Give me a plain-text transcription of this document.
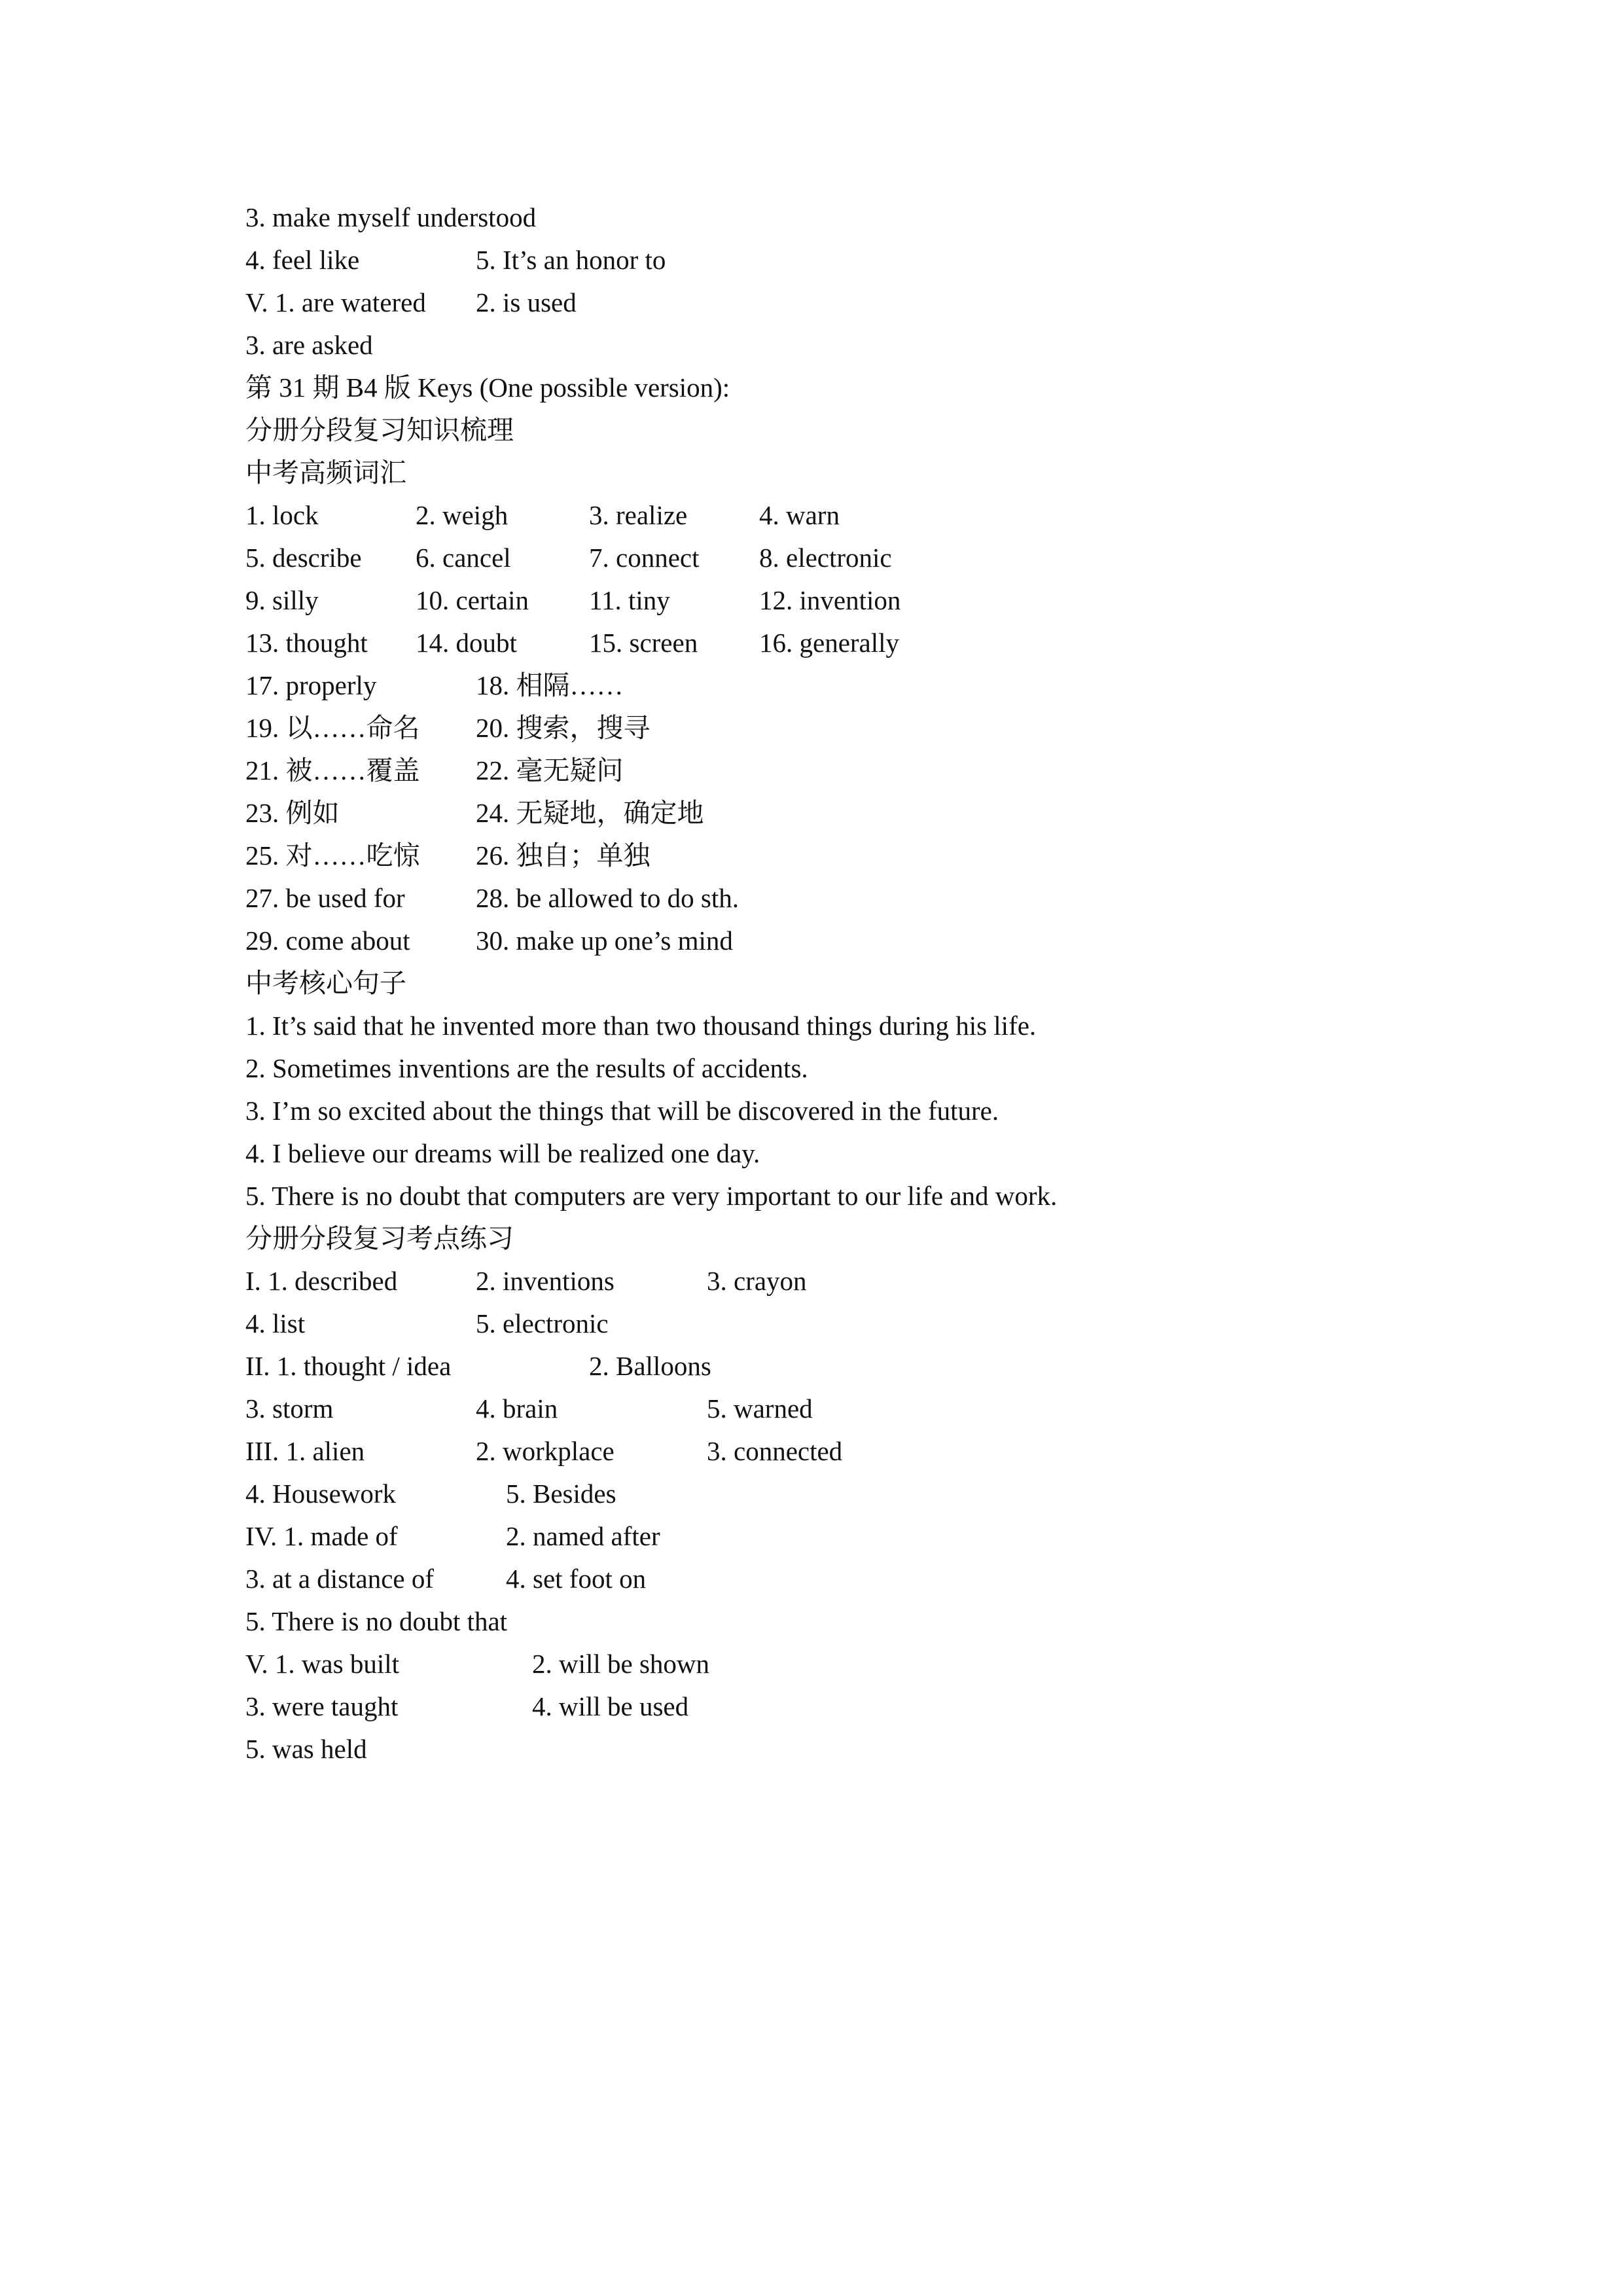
3. make myself understood
4. feel like	5. It’s an honor to
V. 1. are watered 2. is used
3. are asked
第 31 期 B4 版 Keys (One possible version):
分册分段复习知识梳理
中考高频词汇
1. lock	2. weigh	3. realize	4. warn
5. describe 6. cancel	7. connect 8. electronic
9. silly	10. certain 11. tiny	12. invention
13. thought 14. doubt	15. screen 16. generally
17. properly	18. 相隔……
19. 以……命名 20. 搜索，搜寻
21. 被……覆盖 22. 毫无疑问
23. 例如	24. 无疑地，确定地
25. 对……吃惊 26. 独自；单独
27. be used for	28. be allowed to do sth.
29. come about 30. make up one’s mind
中考核心句子
1. It’s said that he invented more than two thousand things during his life.
2. Sometimes inventions are the results of accidents.
3. I’m so excited about the things that will be discovered in the future.
4. I believe our dreams will be realized one day.
5. There is no doubt that computers are very important to our life and work.
分册分段复习考点练习
I. 1. described	2. inventions	3. crayon
4. list	5. electronic
II. 1. thought / idea	2. Balloons
3. storm	4. brain	5. warned
III. 1. alien	2. workplace	3. connected
4. Housework	5. Besides
IV. 1. made of	2. named after
3. at a distance of	4. set foot on
5. There is no doubt that
V. 1. was built	2. will be shown
3. were taught	4. will be used
5. was held
